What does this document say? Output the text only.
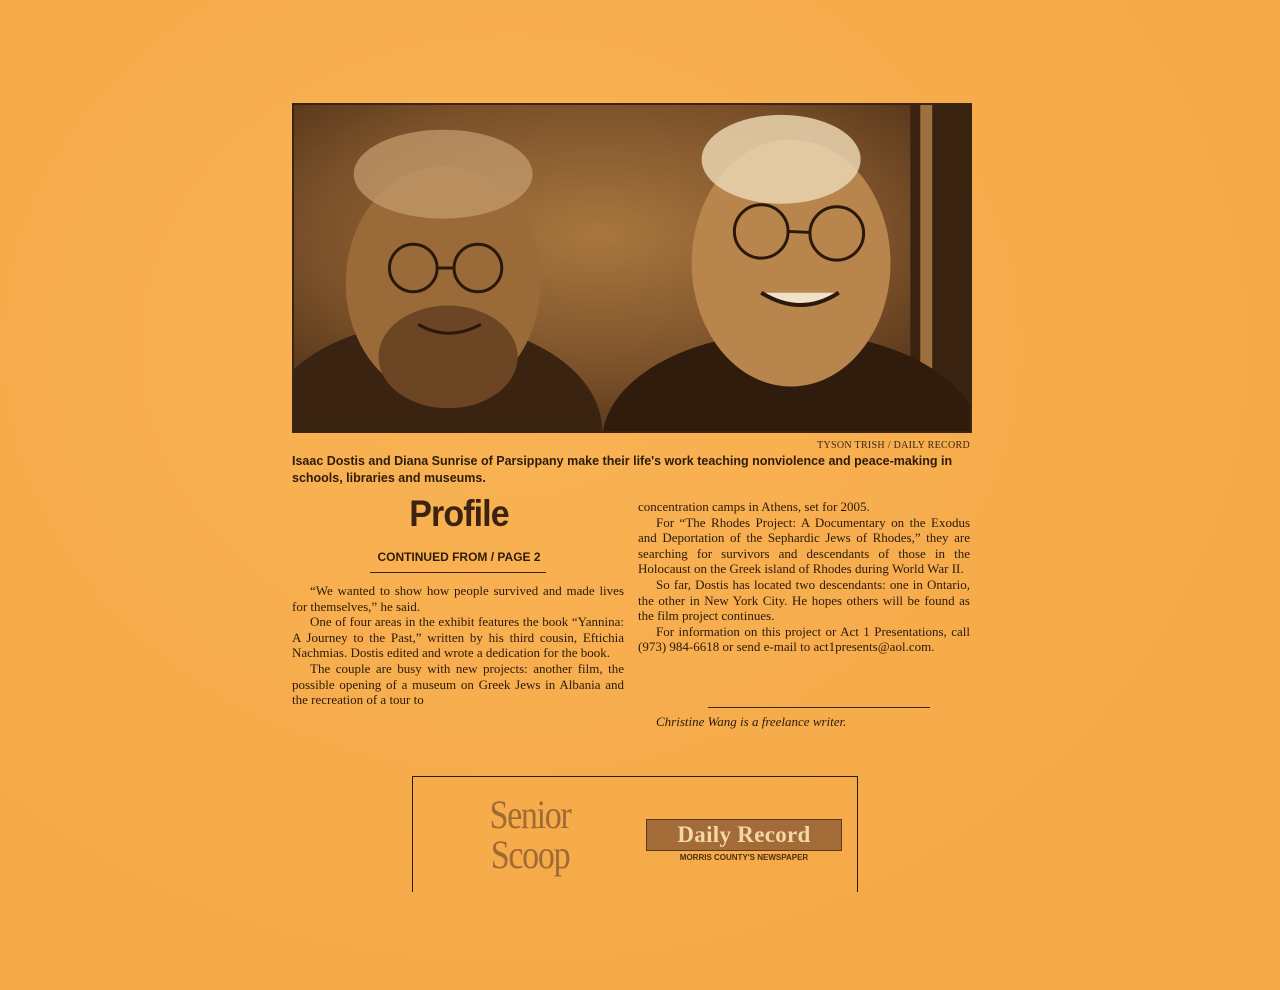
TYSON TRISH / DAILY RECORD
Isaac Dostis and Diana Sunrise of Parsippany make their life's work teaching nonviolence and peace-making in schools, libraries and museums.
Profile
CONTINUED FROM / PAGE 2

“We wanted to show how people survived and made lives for themselves,” he said.

One of four areas in the exhibit features the book “Yannina: A Journey to the Past,” written by his third cousin, Eftichia Nachmias. Dostis edited and wrote a dedication for the book.

The couple are busy with new projects: another film, the possible opening of a museum on Greek Jews in Albania and the recreation of a tour to

concentration camps in Athens, set for 2005.

For “The Rhodes Project: A Documentary on the Exodus and Deportation of the Sephardic Jews of Rhodes,” they are searching for survivors and descendants of those in the Holocaust on the Greek island of Rhodes during World War II.

So far, Dostis has located two descendants: one in Ontario, the other in New York City. He hopes others will be found as the film project continues.

For information on this project or Act 1 Presentations, call (973) 984-6618 or send e-mail to act1presents@aol.com.

Christine Wang is a freelance writer.
Senior
Scoop	Daily Record
MORRIS COUNTY'S NEWSPAPER
